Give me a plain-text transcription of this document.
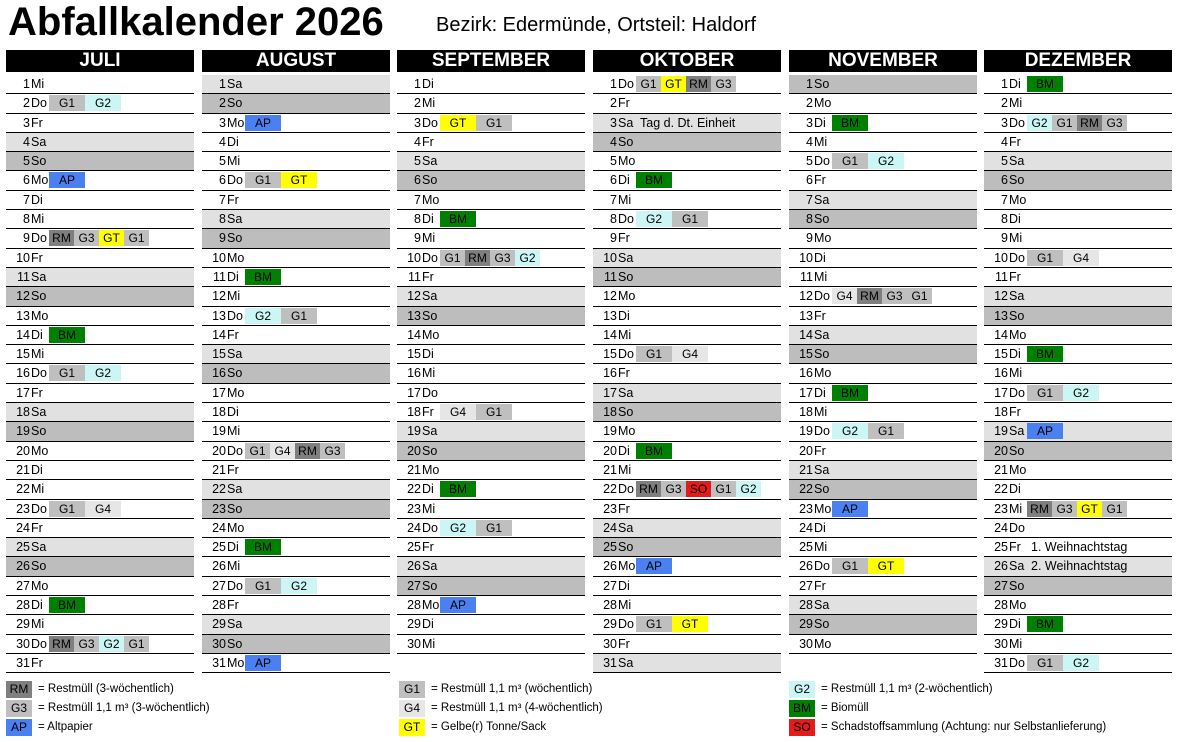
Abfallkalender 2026	Bezirk: Edermünde, Ortsteil: Haldorf
JULI
1 Mi
2 Do	G1	G2
3 Fr
4 Sa
5 So
6 Mo AP
7 Di
8 Mi
9 Do RM G3 GT G1
10 Fr
11 Sa
12 So
13 Mo
14 Di	BM
15 Mi
16 Do	G1	G2
17 Fr
18 Sa
19 So
20 Mo
21 Di
22 Mi
23 Do	G1	G4
24 Fr
25 Sa
26 So
27 Mo
28 Di	BM
29 Mi
30 Do RM G3 G2 G1
31 Fr
AUGUST
1 Sa
2 So
3 Mo AP
4 Di
5 Mi
6 Do	G1	GT
7 Fr
8 Sa
9 So
10 Mo
11 Di	BM
12 Mi
13 Do	G2	G1
14 Fr
15 Sa
16 So
17 Mo
18 Di
19 Mi
20 Do G1 G4 RM G3
21 Fr
22 Sa
23 So
24 Mo
25 Di	BM
26 Mi
27 Do	G1	G2
28 Fr
29 Sa
30 So
31 Mo AP
SEPTEMBER
1 Di
2 Mi
3 Do GT	G1
4 Fr
5 Sa
6 So
7 Mo
8 Di	BM
9 Mi
10 Do G1 RM G3 G2
11 Fr
12 Sa
13 So
14 Mo
15 Di
16 Mi
17 Do
18 Fr	G4	G1
19 Sa
20 So
21 Mo
22 Di	BM
23 Mi
24 Do	G2	G1
25 Fr
26 Sa
27 So
28 Mo AP
29 Di
30 Mi
OKTOBER
1 Do G1 GT RM G3
2 Fr
3 Sa Tag d. Dt. Einheit
4 So
5 Mo
6 Di	BM
7 Mi
8 Do	G2	G1
9 Fr
10 Sa
11 So
12 Mo
13 Di
14 Mi
15 Do	G1	G4
16 Fr
17 Sa
18 So
19 Mo
20 Di	BM
21 Mi
22 Do RM G3 SO G1 G2
23 Fr
24 Sa
25 So
26 Mo AP
27 Di
28 Mi
29 Do	G1	GT
30 Fr
31 Sa
NOVEMBER
1 So
2 Mo
3 Di	BM
4 Mi
5 Do	G1	G2
6 Fr
7 Sa
8 So
9 Mo
10 Di
11 Mi
12 Do G4 RM G3 G1
13 Fr
14 Sa
15 So
16 Mo
17 Di	BM
18 Mi
19 Do	G2	G1
20 Fr
21 Sa
22 So
23 Mo AP
24 Di
25 Mi
26 Do	G1	GT
27 Fr
28 Sa
29 So
30 Mo
DEZEMBER
1 Di	BM
2 Mi
3 Do G2 G1 RM G3
4 Fr
5 Sa
6 So
7 Mo
8 Di
9 Mi
10 Do	G1	G4
11 Fr
12 Sa
13 So
14 Mo
15 Di	BM
16 Mi
17 Do	G1	G2
18 Fr
19 Sa	AP
20 So
21 Mo
22 Di
23 Mi RM G3 GT G1
24 Do
25 Fr 1. Weihnachtstag
26 Sa 2. Weihnachtstag
27 So
28 Mo
29 Di	BM
30 Mi
31 Do	G1	G2
RM = Restmüll (3-wöchentlich)
G3 = Restmüll 1,1 m³ (3-wöchentlich)
AP = Altpapier
G1 = Restmüll 1,1 m³ (wöchentlich)
G4 = Restmüll 1,1 m³ (4-wöchentlich)
GT = Gelbe(r) Tonne/Sack
G2 = Restmüll 1,1 m³ (2-wöchentlich)
BM = Biomüll
SO = Schadstoffsammlung (Achtung: nur Selbstanlieferung)
